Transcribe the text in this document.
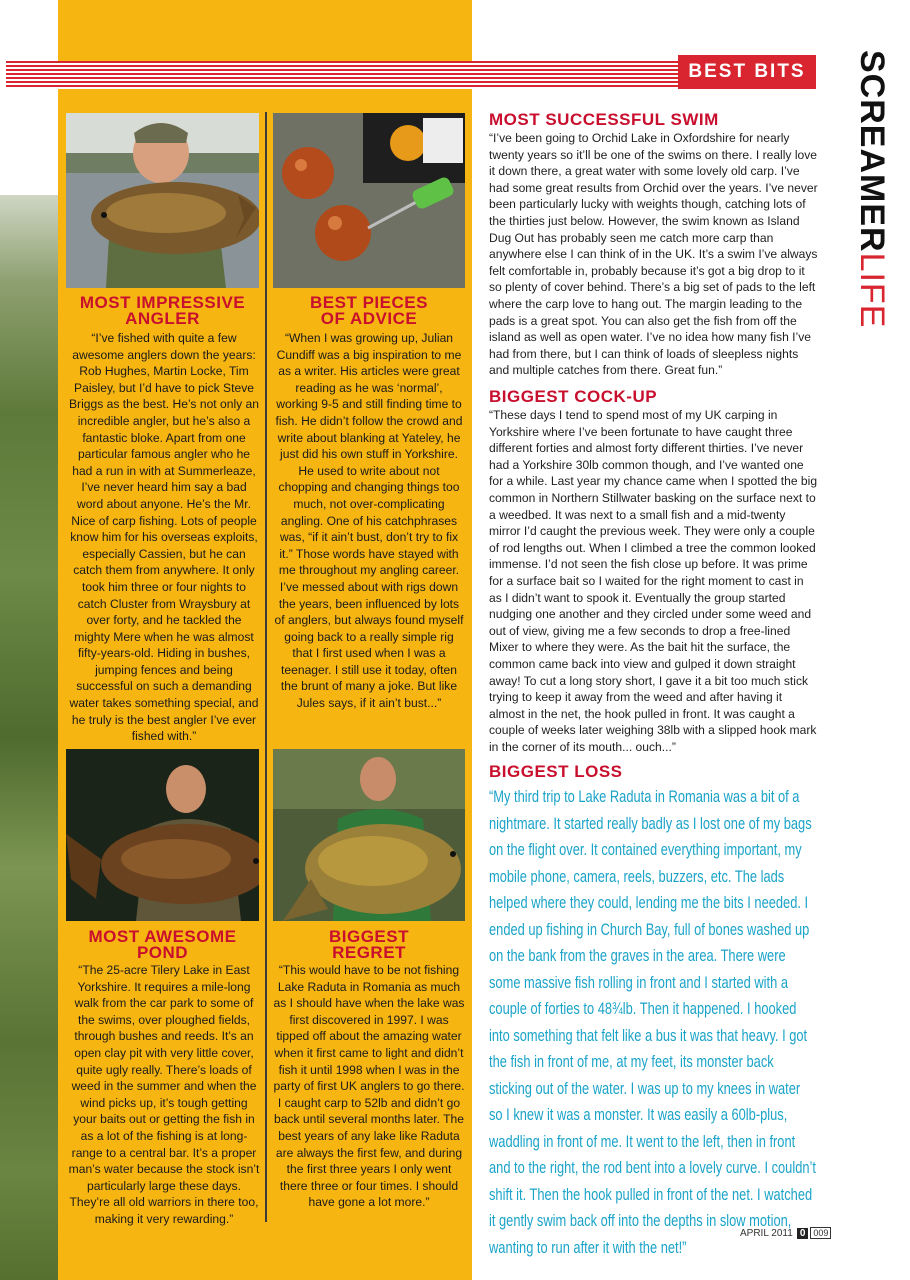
BEST BITS	SCREAMERLIFE
MOST IMPRESSIVE
ANGLER
“I’ve fished with quite a few awesome anglers down the years: Rob Hughes, Martin Locke, Tim Paisley, but I’d have to pick Steve Briggs as the best. He’s not only an incredible angler, but he’s also a fantastic bloke. Apart from one particular famous angler who he had a run in with at Summerleaze, I’ve never heard him say a bad word about anyone. He’s the Mr. Nice of carp fishing. Lots of people know him for his overseas exploits, especially Cassien, but he can catch them from anywhere. It only took him three or four nights to catch Cluster from Wraysbury at over forty, and he tackled the mighty Mere when he was almost fifty-years-old. Hiding in bushes, jumping fences and being successful on such a demanding water takes something special, and he truly is the best angler I’ve ever fished with.”
BEST PIECES
OF ADVICE
“When I was growing up, Julian Cundiff was a big inspiration to me as a writer. His articles were great reading as he was ‘normal’, working 9-5 and still finding time to fish. He didn’t follow the crowd and write about blanking at Yateley, he just did his own stuff in Yorkshire. He used to write about not chopping and changing things too much, not over-complicating angling. One of his catchphrases was, “if it ain’t bust, don’t try to fix it.” Those words have stayed with me throughout my angling career. I’ve messed about with rigs down the years, been influenced by lots of anglers, but always found myself going back to a really simple rig that I first used when I was a teenager. I still use it today, often the brunt of many a joke. But like Jules says, if it ain’t bust...”
MOST AWESOME
POND
“The 25-acre Tilery Lake in East Yorkshire. It requires a mile-long walk from the car park to some of the swims, over ploughed fields, through bushes and reeds. It’s an open clay pit with very little cover, quite ugly really. There’s loads of weed in the summer and when the wind picks up, it’s tough getting your baits out or getting the fish in as a lot of the fishing is at long-range to a central bar. It’s a proper man’s water because the stock isn’t particularly large these days. They’re all old warriors in there too, making it very rewarding.”
BIGGEST
REGRET
“This would have to be not fishing Lake Raduta in Romania as much as I should have when the lake was first discovered in 1997. I was tipped off about the amazing water when it first came to light and didn’t fish it until 1998 when I was in the party of first UK anglers to go there. I caught carp to 52lb and didn’t go back until several months later. The best years of any lake like Raduta are always the first few, and during the first three years I only went there three or four times. I should have gone a lot more.”
MOST SUCCESSFUL SWIM
“I’ve been going to Orchid Lake in Oxfordshire for nearly twenty years so it’ll be one of the swims on there. I really love it down there, a great water with some lovely old carp. I’ve had some great results from Orchid over the years. I’ve never been particularly lucky with weights though, catching lots of the thirties just below. However, the swim known as Island Dug Out has probably seen me catch more carp than anywhere else I can think of in the UK. It’s a swim I’ve always felt comfortable in, probably because it’s got a big drop to it so plenty of cover behind. There’s a big set of pads to the left where the carp love to hang out. The margin leading to the pads is a great spot. You can also get the fish from off the island as well as open water. I’ve no idea how many fish I’ve had from there, but I can think of loads of sleepless nights and multiple catches from there. Great fun.”
BIGGEST COCK-UP
“These days I tend to spend most of my UK carping in Yorkshire where I’ve been fortunate to have caught three different forties and almost forty different thirties. I’ve never had a Yorkshire 30lb common though, and I’ve wanted one for a while. Last year my chance came when I spotted the big common in Northern Stillwater basking on the surface next to a weedbed. It was next to a small fish and a mid-twenty mirror I’d caught the previous week. They were only a couple of rod lengths out. When I climbed a tree the common looked immense. I’d not seen the fish close up before. It was prime for a surface bait so I waited for the right moment to cast in as I didn’t want to spook it. Eventually the group started nudging one another and they circled under some weed and out of view, giving me a few seconds to drop a free-lined Mixer to where they were. As the bait hit the surface, the common came back into view and gulped it down straight away! To cut a long story short, I gave it a bit too much stick trying to keep it away from the weed and after having it almost in the net, the hook pulled in front. It was caught a couple of weeks later weighing 38lb with a slipped hook mark in the corner of its mouth... ouch...”
BIGGEST LOSS
“My third trip to Lake Raduta in Romania was a bit of a nightmare. It started really badly as I lost one of my bags on the flight over. It contained everything important, my mobile phone, camera, reels, buzzers, etc. The lads helped where they could, lending me the bits I needed. I ended up fishing in Church Bay, full of bones washed up on the bank from the graves in the area. There were some massive fish rolling in front and I started with a couple of forties to 48¾lb. Then it happened. I hooked into something that felt like a bus it was that heavy. I got the fish in front of me, at my feet, its monster back sticking out of the water. I was up to my knees in water so I knew it was a monster. It was easily a 60lb-plus, waddling in front of me. It went to the left, then in front and to the right, the rod bent into a lovely curve. I couldn’t shift it. Then the hook pulled in front of the net. I watched it gently swim back off into the depths in slow motion, wanting to run after it with the net!”
APRIL 2011 0 009
